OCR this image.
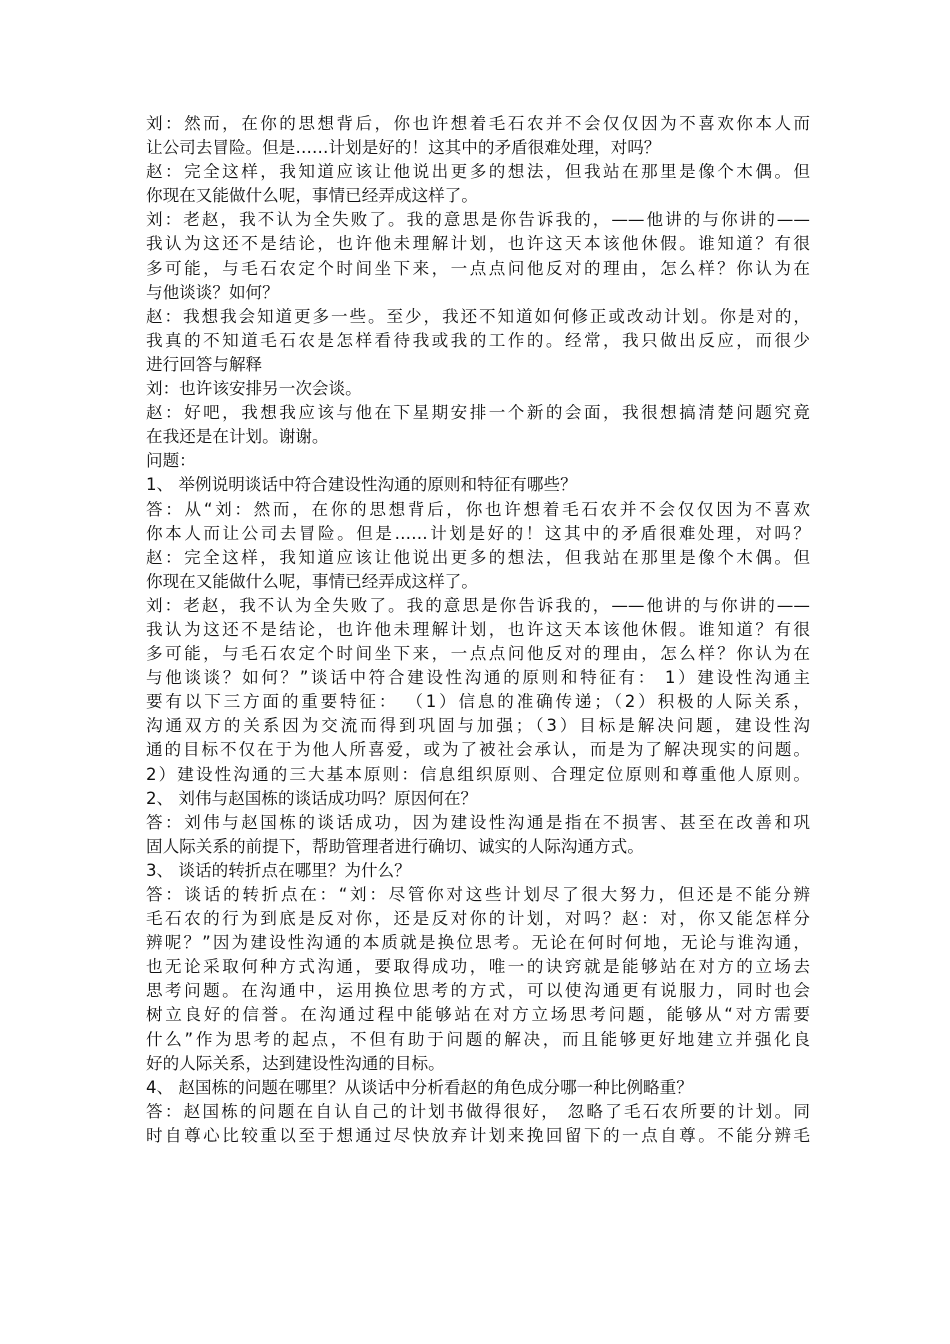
刘：然而，在你的思想背后，你也许想着毛石农并不会仅仅因为不喜欢你本人而
让公司去冒险。但是……计划是好的！这其中的矛盾很难处理，对吗？
赵：完全这样，我知道应该让他说出更多的想法，但我站在那里是像个木偶。但
你现在又能做什么呢，事情已经弄成这样了。
刘：老赵，我不认为全失败了。我的意思是你告诉我的，——他讲的与你讲的——
我认为这还不是结论，也许他未理解计划，也许这天本该他休假。谁知道？有很
多可能，与毛石农定个时间坐下来，一点点问他反对的理由，怎么样？你认为在
与他谈谈？如何？
赵：我想我会知道更多一些。至少，我还不知道如何修正或改动计划。你是对的，
我真的不知道毛石农是怎样看待我或我的工作的。经常，我只做出反应，而很少
进行回答与解释
刘：也许该安排另一次会谈。
赵：好吧，我想我应该与他在下星期安排一个新的会面，我很想搞清楚问题究竟
在我还是在计划。谢谢。
问题：
1、 举例说明谈话中符合建设性沟通的原则和特征有哪些？
答：从“刘：然而，在你的思想背后，你也许想着毛石农并不会仅仅因为不喜欢
你本人而让公司去冒险。但是……计划是好的！这其中的矛盾很难处理，对吗？
赵：完全这样，我知道应该让他说出更多的想法，但我站在那里是像个木偶。但
你现在又能做什么呢，事情已经弄成这样了。
刘：老赵，我不认为全失败了。我的意思是你告诉我的，——他讲的与你讲的——
我认为这还不是结论，也许他未理解计划，也许这天本该他休假。谁知道？有很
多可能，与毛石农定个时间坐下来，一点点问他反对的理由，怎么样？你认为在
与他谈谈？如何？”谈话中符合建设性沟通的原则和特征有： 1）建设性沟通主
要有以下三方面的重要特征： （1）信息的准确传递；（2）积极的人际关系，
沟通双方的关系因为交流而得到巩固与加强；（3）目标是解决问题，建设性沟
通的目标不仅在于为他人所喜爱，或为了被社会承认，而是为了解决现实的问题。
2）建设性沟通的三大基本原则：信息组织原则、合理定位原则和尊重他人原则。
2、 刘伟与赵国栋的谈话成功吗？原因何在？
答：刘伟与赵国栋的谈话成功，因为建设性沟通是指在不损害、甚至在改善和巩
固人际关系的前提下，帮助管理者进行确切、诚实的人际沟通方式。
3、 谈话的转折点在哪里？为什么？
答：谈话的转折点在：“刘：尽管你对这些计划尽了很大努力，但还是不能分辨
毛石农的行为到底是反对你，还是反对你的计划，对吗？赵：对，你又能怎样分
辨呢？”因为建设性沟通的本质就是换位思考。无论在何时何地，无论与谁沟通，
也无论采取何种方式沟通，要取得成功，唯一的诀窍就是能够站在对方的立场去
思考问题。在沟通中，运用换位思考的方式，可以使沟通更有说服力，同时也会
树立良好的信誉。在沟通过程中能够站在对方立场思考问题，能够从“对方需要
什么”作为思考的起点，不但有助于问题的解决，而且能够更好地建立并强化良
好的人际关系，达到建设性沟通的目标。
4、 赵国栋的问题在哪里？从谈话中分析看赵的角色成分哪一种比例略重？
答：赵国栋的问题在自认自己的计划书做得很好， 忽略了毛石农所要的计划。同
时自尊心比较重以至于想通过尽快放弃计划来挽回留下的一点自尊。不能分辨毛
